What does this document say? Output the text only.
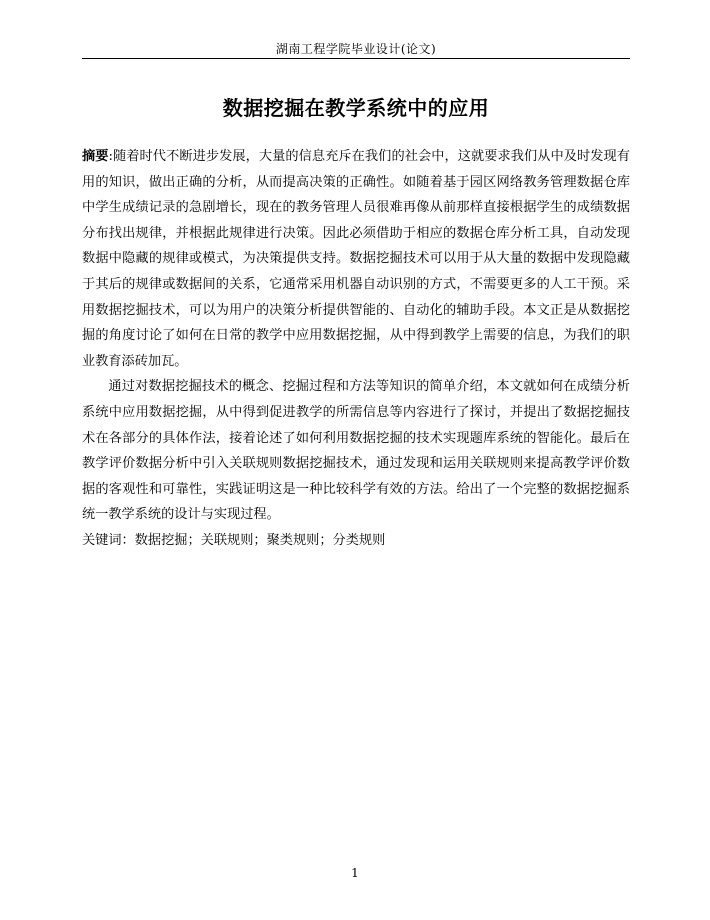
湖南工程学院毕业设计(论文)
数据挖掘在教学系统中的应用

摘要:随着时代不断进步发展，大量的信息充斥在我们的社会中，这就要求我们从中及时发现有用的知识，做出正确的分析，从而提高决策的正确性。如随着基于园区网络教务管理数据仓库中学生成绩记录的急剧增长，现在的教务管理人员很难再像从前那样直接根据学生的成绩数据分布找出规律，并根据此规律进行决策。因此必须借助于相应的数据仓库分析工具，自动发现数据中隐藏的规律或模式，为决策提供支持。数据挖掘技术可以用于从大量的数据中发现隐藏于其后的规律或数据间的关系，它通常采用机器自动识别的方式，不需要更多的人工干预。采用数据挖掘技术，可以为用户的决策分析提供智能的、自动化的辅助手段。本文正是从数据挖掘的角度讨论了如何在日常的教学中应用数据挖掘，从中得到教学上需要的信息，为我们的职业教育添砖加瓦。

通过对数据挖掘技术的概念、挖掘过程和方法等知识的简单介绍，本文就如何在成绩分析系统中应用数据挖掘，从中得到促进教学的所需信息等内容进行了探讨，并提出了数据挖掘技术在各部分的具体作法，接着论述了如何利用数据挖掘的技术实现题库系统的智能化。最后在教学评价数据分析中引入关联规则数据挖掘技术，通过发现和运用关联规则来提高教学评价数据的客观性和可靠性，实践证明这是一种比较科学有效的方法。给出了一个完整的数据挖掘系统一教学系统的设计与实现过程。

关键词：数据挖掘；关联规则；聚类规则；分类规则

1
